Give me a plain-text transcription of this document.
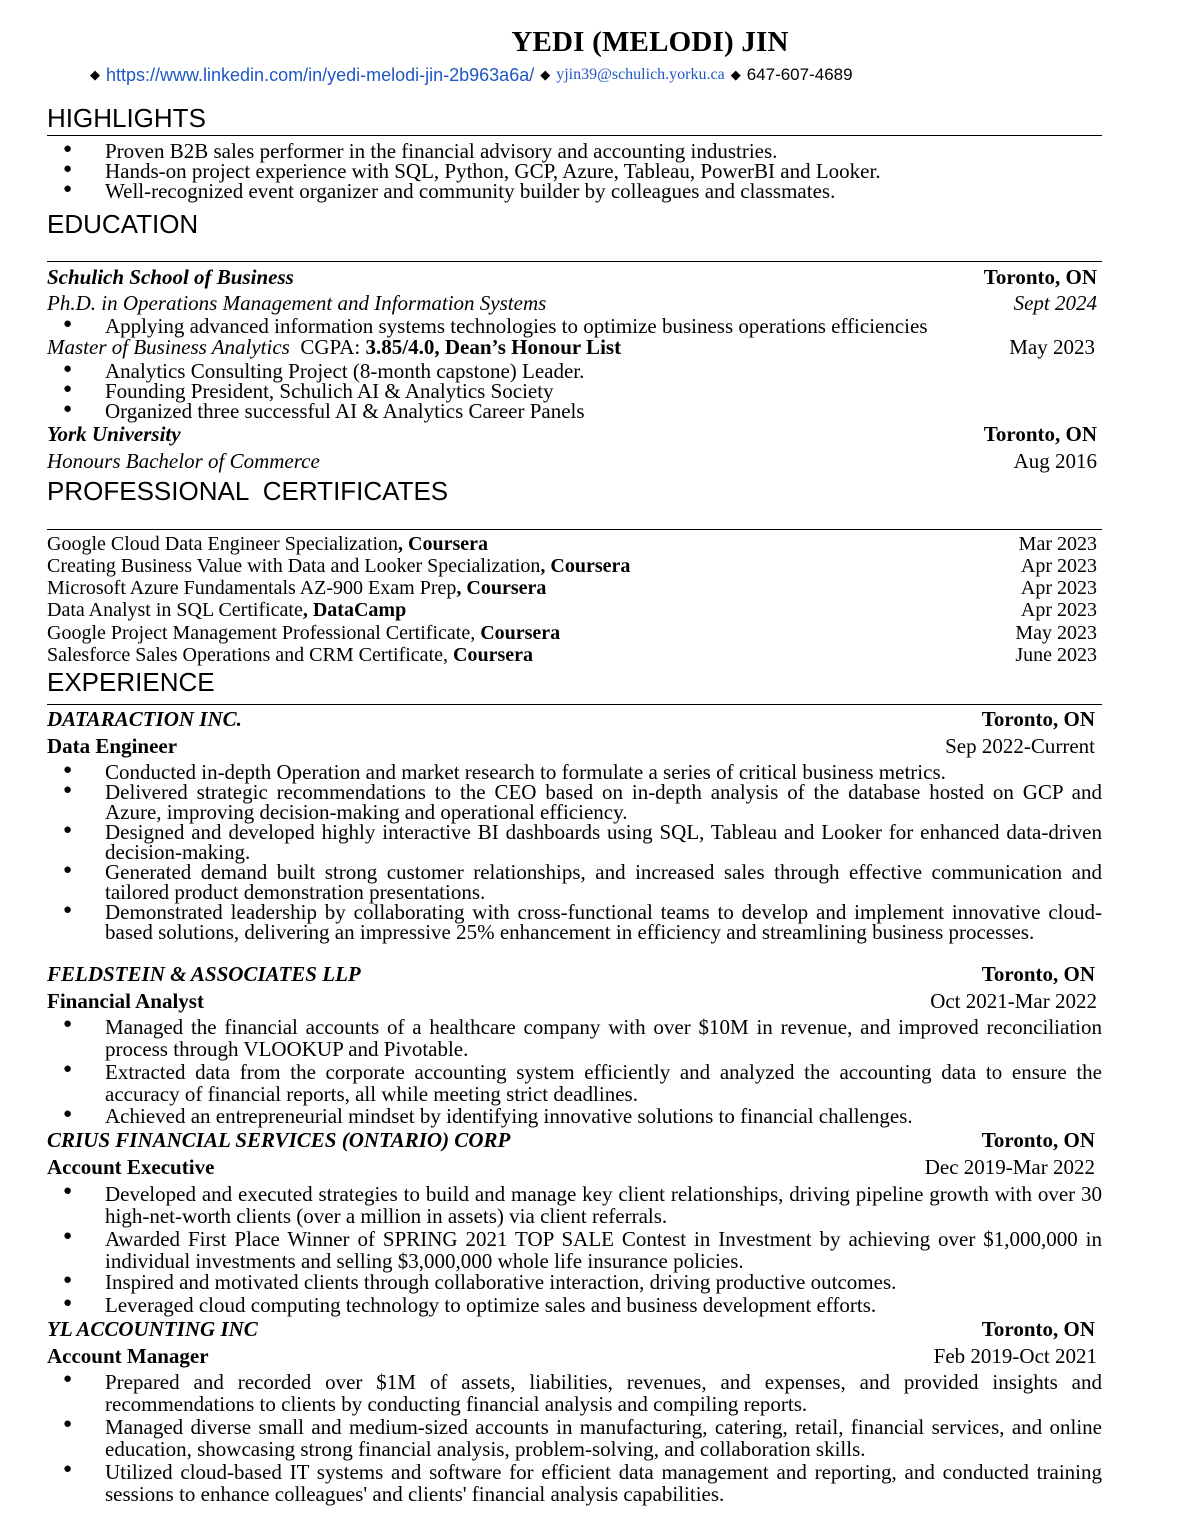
YEDI (MELODI) JIN
◆ https://www.linkedin.com/in/yedi-melodi-jin-2b963a6a/ ◆ yjin39@schulich.yorku.ca ◆ 647-607-4689
HIGHLIGHTS
● Proven B2B sales performer in the financial advisory and accounting industries.
● Hands-on project experience with SQL, Python, GCP, Azure, Tableau, PowerBI and Looker.
● Well-recognized event organizer and community builder by colleagues and classmates.
EDUCATION
Schulich School of Business	Toronto, ON
Ph.D. in Operations Management and Information Systems	Sept 2024
● Applying advanced information systems technologies to optimize business operations efficiencies
Master of Business Analytics CGPA: 3.85/4.0, Dean’s Honour List	May 2023
● Analytics Consulting Project (8-month capstone) Leader.
● Founding President, Schulich AI & Analytics Society
● Organized three successful AI & Analytics Career Panels
York University	Toronto, ON
Honours Bachelor of Commerce	Aug 2016
PROFESSIONAL  CERTIFICATES
Google Cloud Data Engineer Specialization, Coursera	Mar 2023
Creating Business Value with Data and Looker Specialization, Coursera	Apr 2023
Microsoft Azure Fundamentals AZ-900 Exam Prep, Coursera	Apr 2023
Data Analyst in SQL Certificate, DataCamp	Apr 2023
Google Project Management Professional Certificate, Coursera	May 2023
Salesforce Sales Operations and CRM Certificate, Coursera	June 2023
EXPERIENCE
DATARACTION INC.	Toronto, ON
Data Engineer	Sep 2022-Current
● Conducted in-depth Operation and market research to formulate a series of critical business metrics.
● Delivered strategic recommendations to the CEO based on in-depth analysis of the database hosted on GCP and Azure, improving decision-making and operational efficiency.
● Designed and developed highly interactive BI dashboards using SQL, Tableau and Looker for enhanced data-driven decision-making.
● Generated demand built strong customer relationships, and increased sales through effective communication and tailored product demonstration presentations.
● Demonstrated leadership by collaborating with cross-functional teams to develop and implement innovative cloud-based solutions, delivering an impressive 25% enhancement in efficiency and streamlining business processes.
FELDSTEIN & ASSOCIATES LLP	Toronto, ON
Financial Analyst	Oct 2021-Mar 2022
● Managed the financial accounts of a healthcare company with over $10M in revenue, and improved reconciliation process through VLOOKUP and Pivotable.
● Extracted data from the corporate accounting system efficiently and analyzed the accounting data to ensure the accuracy of financial reports, all while meeting strict deadlines.
● Achieved an entrepreneurial mindset by identifying innovative solutions to financial challenges.
CRIUS FINANCIAL SERVICES (ONTARIO) CORP	Toronto, ON
Account Executive	Dec 2019-Mar 2022
● Developed and executed strategies to build and manage key client relationships, driving pipeline growth with over 30 high-net-worth clients (over a million in assets) via client referrals.
● Awarded First Place Winner of SPRING 2021 TOP SALE Contest in Investment by achieving over $1,000,000 in individual investments and selling $3,000,000 whole life insurance policies.
● Inspired and motivated clients through collaborative interaction, driving productive outcomes.
● Leveraged cloud computing technology to optimize sales and business development efforts.
YL ACCOUNTING INC	Toronto, ON
Account Manager	Feb 2019-Oct 2021
● Prepared and recorded over $1M of assets, liabilities, revenues, and expenses, and provided insights and recommendations to clients by conducting financial analysis and compiling reports.
● Managed diverse small and medium-sized accounts in manufacturing, catering, retail, financial services, and online education, showcasing strong financial analysis, problem-solving, and collaboration skills.
● Utilized cloud-based IT systems and software for efficient data management and reporting, and conducted training sessions to enhance colleagues' and clients' financial analysis capabilities.
